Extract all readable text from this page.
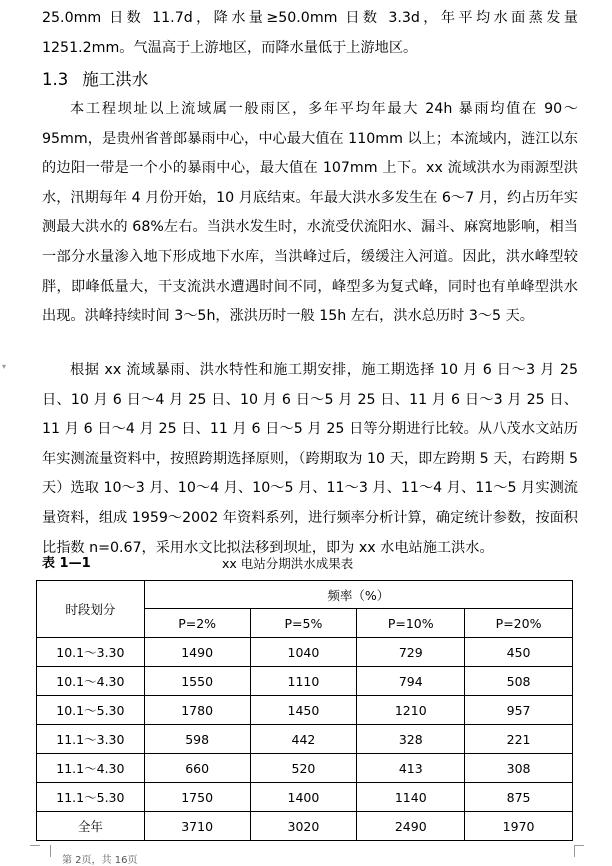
25.0mm 日数 11.7d，降水量≥50.0mm 日数 3.3d，年平均水面蒸发量 1251.2mm。气温高于上游地区，而降水量低于上游地区。

1.3 施工洪水

本工程坝址以上流域属一般雨区，多年平均年最大 24h 暴雨均值在 90～95mm，是贵州省普郎暴雨中心，中心最大值在 110mm 以上；本流域内，涟江以东的边阳一带是一个小的暴雨中心，最大值在 107mm 上下。xx 流域洪水为雨源型洪水，汛期每年 4 月份开始，10 月底结束。年最大洪水多发生在 6～7 月，约占历年实测最大洪水的 68%左右。当洪水发生时，水流受伏流阳水、漏斗、麻窝地影响，相当一部分水量渗入地下形成地下水库，当洪峰过后，缓缓注入河道。因此，洪水峰型较胖，即峰低量大，干支流洪水遭遇时间不同，峰型多为复式峰，同时也有单峰型洪水出现。洪峰持续时间 3～5h，涨洪历时一般 15h 左右，洪水总历时 3～5 天。

根据 xx 流域暴雨、洪水特性和施工期安排，施工期选择 10 月 6 日～3 月 25 日、10 月 6 日～4 月 25 日、10 月 6 日～5 月 25 日、11 月 6 日～3 月 25 日、11 月 6 日～4 月 25 日、11 月 6 日～5 月 25 日等分期进行比较。从八茂水文站历年实测流量资料中，按照跨期选择原则，（跨期取为 10 天，即左跨期 5 天，右跨期 5 天）选取 10～3 月、10～4 月、10～5 月、11～3 月、11～4 月、11～5 月实测流量资料，组成 1959～2002 年资料系列，进行频率分析计算，确定统计参数，按面积比指数 n=0.67，采用水文比拟法移到坝址，即为 xx 水电站施工洪水。

表 1—1	xx 电站分期洪水成果表
时段划分	频率（%）			
	P=2%	P=5%	P=10%	P=20%
10.1～3.30	1490	1040	729	450
10.1～4.30	1550	1110	794	508
10.1～5.30	1780	1450	1210	957
11.1～3.30	598	442	328	221
11.1～4.30	660	520	413	308
11.1～5.30	1750	1400	1140	875
全年	3710	3020	2490	1970
▾
第 2页，共 16页
